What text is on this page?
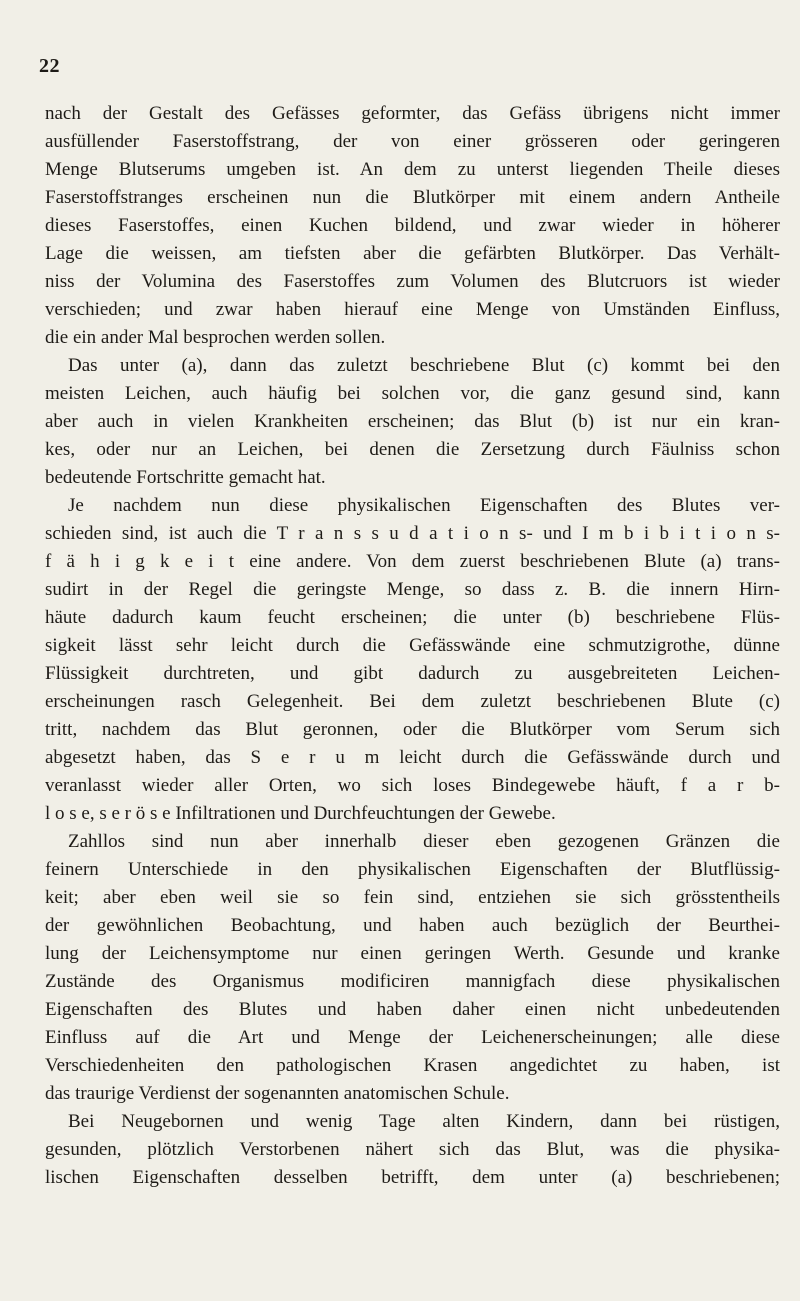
22

nach der Gestalt des Gefässes geformter, das Gefäss übrigens nicht immer
ausfüllender Faserstoffstrang, der von einer grösseren oder geringeren
Menge Blutserums umgeben ist. An dem zu unterst liegenden Theile dieses
Faserstoffstranges erscheinen nun die Blutkörper mit einem andern Antheile
dieses Faserstoffes, einen Kuchen bildend, und zwar wieder in höherer
Lage die weissen, am tiefsten aber die gefärbten Blutkörper. Das Verhält-
niss der Volumina des Faserstoffes zum Volumen des Blutcruors ist wieder
verschieden; und zwar haben hierauf eine Menge von Umständen Einfluss,
die ein ander Mal besprochen werden sollen.
Das unter (a), dann das zuletzt beschriebene Blut (c) kommt bei den
meisten Leichen, auch häufig bei solchen vor, die ganz gesund sind, kann
aber auch in vielen Krankheiten erscheinen; das Blut (b) ist nur ein kran-
kes, oder nur an Leichen, bei denen die Zersetzung durch Fäulniss schon
bedeutende Fortschritte gemacht hat.
Je nachdem nun diese physikalischen Eigenschaften des Blutes ver-
schieden sind, ist auch die T r a n s s u d a t i o n s- und I m b i b i t i o n s-
f ä h i g k e i t eine andere. Von dem zuerst beschriebenen Blute (a) trans-
sudirt in der Regel die geringste Menge, so dass z. B. die innern Hirn-
häute dadurch kaum feucht erscheinen; die unter (b) beschriebene Flüs-
sigkeit lässt sehr leicht durch die Gefässwände eine schmutzigrothe, dünne
Flüssigkeit durchtreten, und gibt dadurch zu ausgebreiteten Leichen-
erscheinungen rasch Gelegenheit. Bei dem zuletzt beschriebenen Blute (c)
tritt, nachdem das Blut geronnen, oder die Blutkörper vom Serum sich
abgesetzt haben, das S e r u m leicht durch die Gefässwände durch und
veranlasst wieder aller Orten, wo sich loses Bindegewebe häuft, f a r b-
l o s e, s e r ö s e Infiltrationen und Durchfeuchtungen der Gewebe.
Zahllos sind nun aber innerhalb dieser eben gezogenen Gränzen die
feinern Unterschiede in den physikalischen Eigenschaften der Blutflüssig-
keit; aber eben weil sie so fein sind, entziehen sie sich grösstentheils
der gewöhnlichen Beobachtung, und haben auch bezüglich der Beurthei-
lung der Leichensymptome nur einen geringen Werth. Gesunde und kranke
Zustände des Organismus modificiren mannigfach diese physikalischen
Eigenschaften des Blutes und haben daher einen nicht unbedeutenden
Einfluss auf die Art und Menge der Leichenerscheinungen; alle diese
Verschiedenheiten den pathologischen Krasen angedichtet zu haben, ist
das traurige Verdienst der sogenannten anatomischen Schule.
Bei Neugebornen und wenig Tage alten Kindern, dann bei rüstigen,
gesunden, plötzlich Verstorbenen nähert sich das Blut, was die physika-
lischen Eigenschaften desselben betrifft, dem unter (a) beschriebenen;
